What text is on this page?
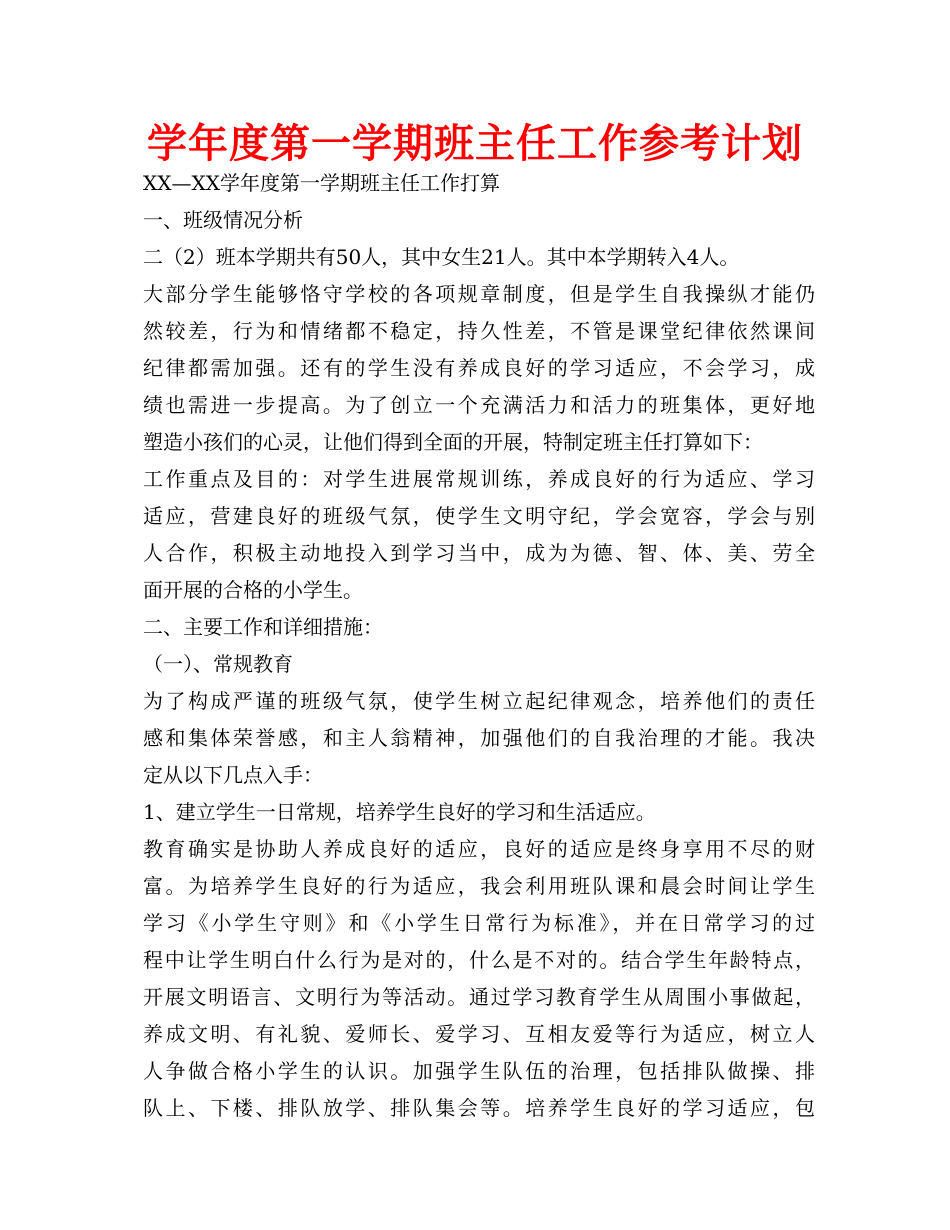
学年度第一学期班主任工作参考计划
XX—XX学年度第一学期班主任工作打算
一、班级情况分析
二（2）班本学期共有50人，其中女生21人。其中本学期转入4人。
大部分学生能够恪守学校的各项规章制度，但是学生自我操纵才能仍
然较差，行为和情绪都不稳定，持久性差，不管是课堂纪律依然课间
纪律都需加强。还有的学生没有养成良好的学习适应，不会学习，成
绩也需进一步提高。为了创立一个充满活力和活力的班集体，更好地
塑造小孩们的心灵，让他们得到全面的开展，特制定班主任打算如下：
工作重点及目的：对学生进展常规训练，养成良好的行为适应、学习
适应，营建良好的班级气氛，使学生文明守纪，学会宽容，学会与别
人合作，积极主动地投入到学习当中，成为为德、智、体、美、劳全
面开展的合格的小学生。
二、主要工作和详细措施：
（一）、常规教育
为了构成严谨的班级气氛，使学生树立起纪律观念，培养他们的责任
感和集体荣誉感，和主人翁精神，加强他们的自我治理的才能。我决
定从以下几点入手：
1、建立学生一日常规，培养学生良好的学习和生活适应。
教育确实是协助人养成良好的适应，良好的适应是终身享用不尽的财
富。为培养学生良好的行为适应，我会利用班队课和晨会时间让学生
学习《小学生守则》和《小学生日常行为标准》，并在日常学习的过
程中让学生明白什么行为是对的，什么是不对的。结合学生年龄特点，
开展文明语言、文明行为等活动。通过学习教育学生从周围小事做起，
养成文明、有礼貌、爱师长、爱学习、互相友爱等行为适应，树立人
人争做合格小学生的认识。加强学生队伍的治理，包括排队做操、排
队上、下楼、排队放学、排队集会等。培养学生良好的学习适应，包
